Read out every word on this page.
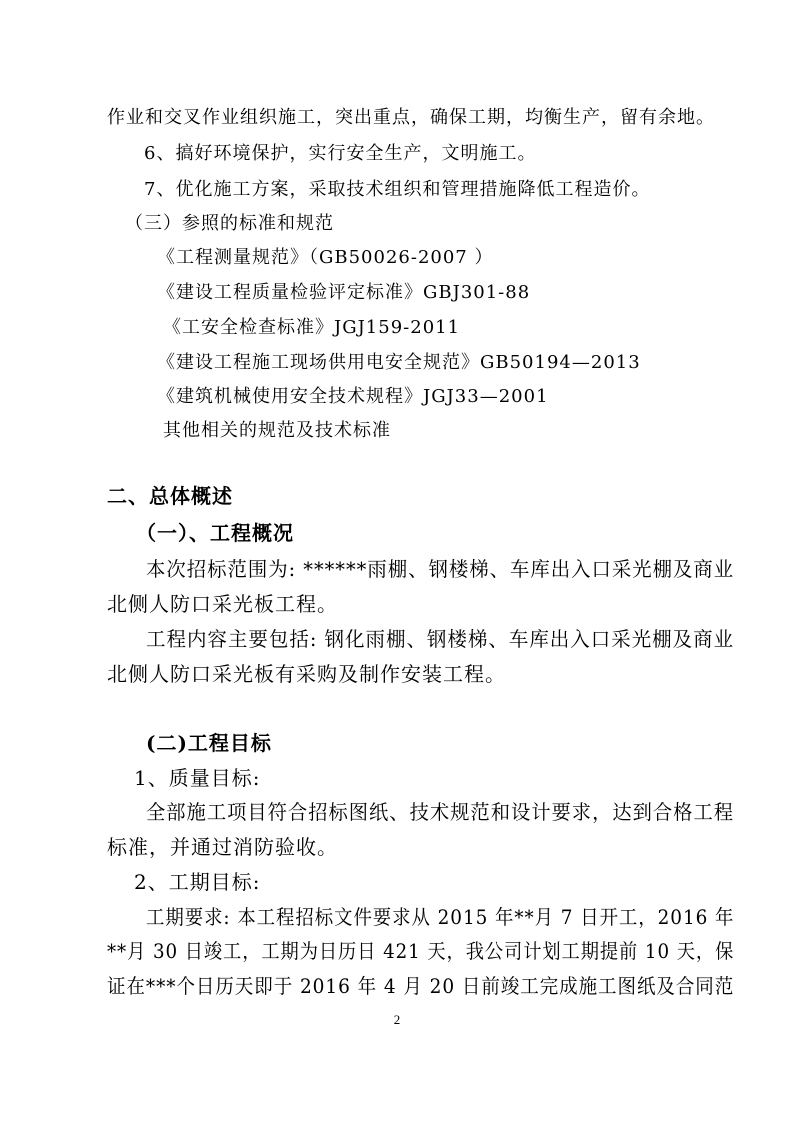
作业和交叉作业组织施工，突出重点，确保工期，均衡生产，留有余地。
6、搞好环境保护，实行安全生产，文明施工。
7、优化施工方案，采取技术组织和管理措施降低工程造价。
（三）参照的标准和规范
《工程测量规范》（GB50026-2007 ）
《建设工程质量检验评定标准》GBJ301-88
《工安全检查标准》JGJ159-2011
《建设工程施工现场供用电安全规范》GB50194—2013
《建筑机械使用安全技术规程》JGJ33—2001
其他相关的规范及技术标准
二、总体概述
（一）、工程概况
本次招标范围为: ******雨棚、钢楼梯、车库出入口采光棚及商业
北侧人防口采光板工程。
工程内容主要包括: 钢化雨棚、钢楼梯、车库出入口采光棚及商业
北侧人防口采光板有采购及制作安装工程。
(二)工程目标
1、质量目标:
全部施工项目符合招标图纸、技术规范和设计要求，达到合格工程
标准，并通过消防验收。
2、工期目标:
工期要求: 本工程招标文件要求从 2015 年**月 7 日开工，2016 年
**月 30 日竣工，工期为日历日 421 天，我公司计划工期提前 10 天，保
证在***个日历天即于 2016 年 4 月 20 日前竣工完成施工图纸及合同范
2
